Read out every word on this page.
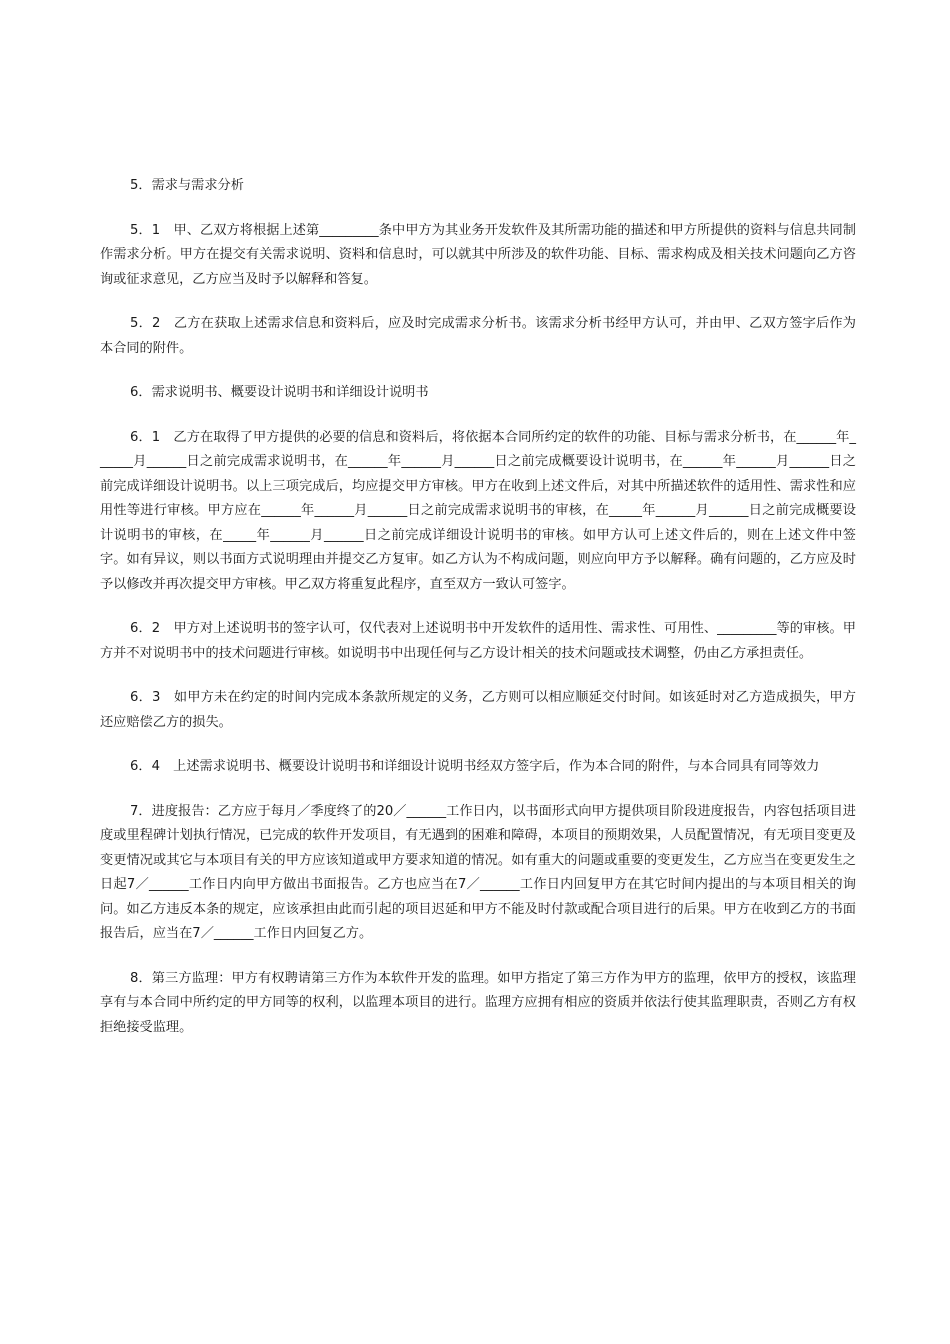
5．需求与需求分析

5．1　甲、乙双方将根据上述第_________条中甲方为其业务开发软件及其所需功能的描述和甲方所提供的资料与信息共同制作需求分析。甲方在提交有关需求说明、资料和信息时，可以就其中所涉及的软件功能、目标、需求构成及相关技术问题向乙方咨询或征求意见，乙方应当及时予以解释和答复。

5．2　乙方在获取上述需求信息和资料后，应及时完成需求分析书。该需求分析书经甲方认可，并由甲、乙双方签字后作为本合同的附件。

6．需求说明书、概要设计说明书和详细设计说明书

6．1　乙方在取得了甲方提供的必要的信息和资料后，将依据本合同所约定的软件的功能、目标与需求分析书，在______年______月______日之前完成需求说明书，在______年______月______日之前完成概要设计说明书，在______年______月______日之前完成详细设计说明书。以上三项完成后，均应提交甲方审核。甲方在收到上述文件后，对其中所描述软件的适用性、需求性和应用性等进行审核。甲方应在______年______月______日之前完成需求说明书的审核，在_____年______月______日之前完成概要设计说明书的审核，在_____年______月______日之前完成详细设计说明书的审核。如甲方认可上述文件后的，则在上述文件中签字。如有异议，则以书面方式说明理由并提交乙方复审。如乙方认为不构成问题，则应向甲方予以解释。确有问题的，乙方应及时予以修改并再次提交甲方审核。甲乙双方将重复此程序，直至双方一致认可签字。

6．2　甲方对上述说明书的签字认可，仅代表对上述说明书中开发软件的适用性、需求性、可用性、_________等的审核。甲方并不对说明书中的技术问题进行审核。如说明书中出现任何与乙方设计相关的技术问题或技术调整，仍由乙方承担责任。

6．3　如甲方未在约定的时间内完成本条款所规定的义务，乙方则可以相应顺延交付时间。如该延时对乙方造成损失，甲方还应赔偿乙方的损失。

6．4　上述需求说明书、概要设计说明书和详细设计说明书经双方签字后，作为本合同的附件，与本合同具有同等效力

7．进度报告：乙方应于每月／季度终了的20／______工作日内，以书面形式向甲方提供项目阶段进度报告，内容包括项目进度或里程碑计划执行情况，已完成的软件开发项目，有无遇到的困难和障碍，本项目的预期效果，人员配置情况，有无项目变更及变更情况或其它与本项目有关的甲方应该知道或甲方要求知道的情况。如有重大的问题或重要的变更发生，乙方应当在变更发生之日起7／______工作日内向甲方做出书面报告。乙方也应当在7／______工作日内回复甲方在其它时间内提出的与本项目相关的询问。如乙方违反本条的规定，应该承担由此而引起的项目迟延和甲方不能及时付款或配合项目进行的后果。甲方在收到乙方的书面报告后，应当在7／______工作日内回复乙方。

8．第三方监理：甲方有权聘请第三方作为本软件开发的监理。如甲方指定了第三方作为甲方的监理，依甲方的授权，该监理享有与本合同中所约定的甲方同等的权利，以监理本项目的进行。监理方应拥有相应的资质并依法行使其监理职责，否则乙方有权拒绝接受监理。
